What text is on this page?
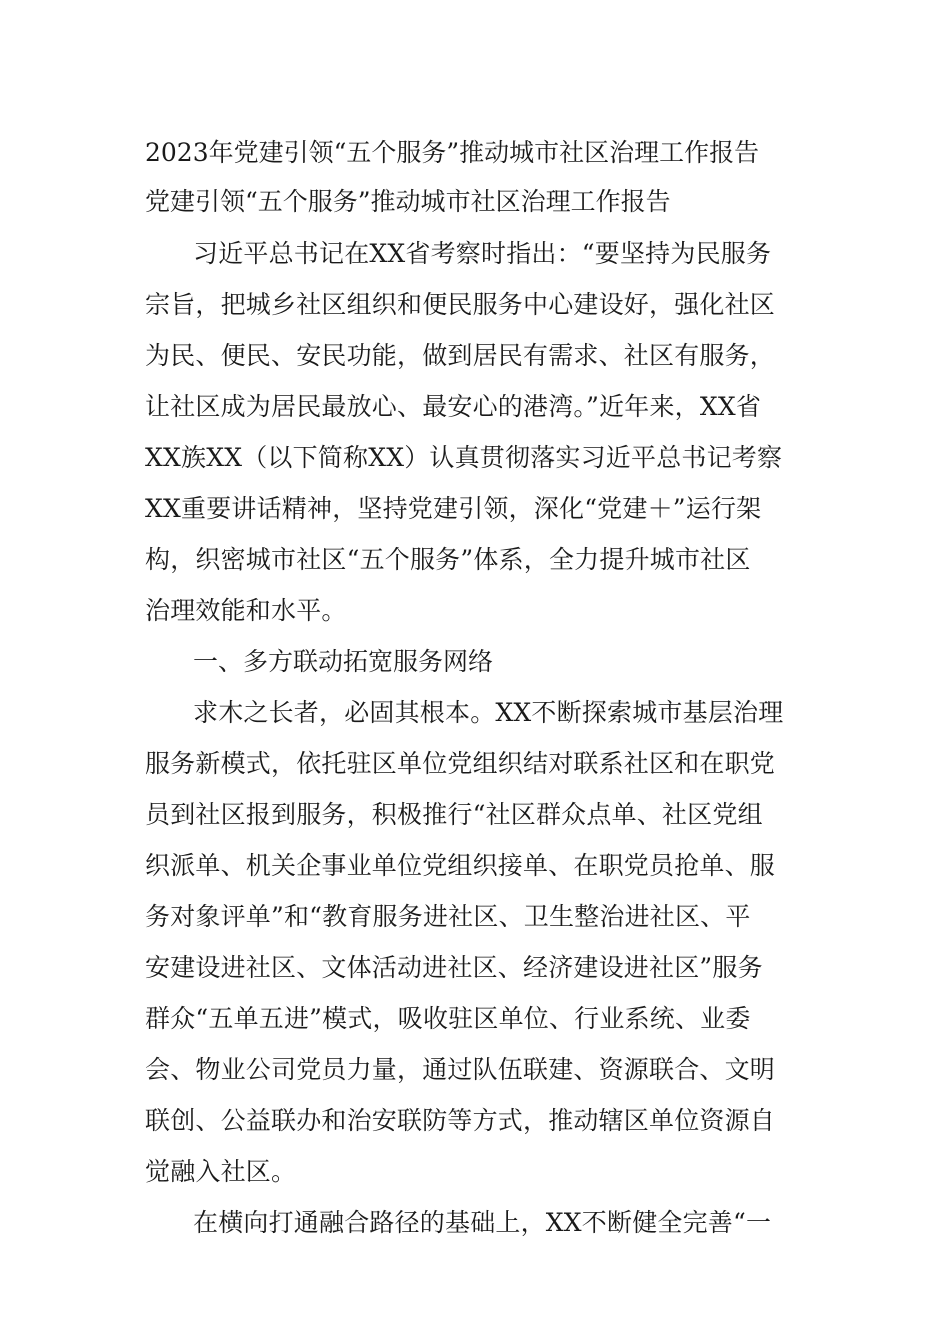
2023年党建引领“五个服务”推动城市社区治理工作报告
党建引领“五个服务”推动城市社区治理工作报告
习近平总书记在XX省考察时指出：“要坚持为民服务
宗旨，把城乡社区组织和便民服务中心建设好，强化社区
为民、便民、安民功能，做到居民有需求、社区有服务，
让社区成为居民最放心、最安心的港湾。”近年来，XX省
XX族XX（以下简称XX）认真贯彻落实习近平总书记考察
XX重要讲话精神，坚持党建引领，深化“党建＋”运行架
构，织密城市社区“五个服务”体系，全力提升城市社区
治理效能和水平。
一、多方联动拓宽服务网络
求木之长者，必固其根本。XX不断探索城市基层治理
服务新模式，依托驻区单位党组织结对联系社区和在职党
员到社区报到服务，积极推行“社区群众点单、社区党组
织派单、机关企事业单位党组织接单、在职党员抢单、服
务对象评单”和“教育服务进社区、卫生整治进社区、平
安建设进社区、文体活动进社区、经济建设进社区”服务
群众“五单五进”模式，吸收驻区单位、行业系统、业委
会、物业公司党员力量，通过队伍联建、资源联合、文明
联创、公益联办和治安联防等方式，推动辖区单位资源自
觉融入社区。
在横向打通融合路径的基础上，XX不断健全完善“一
